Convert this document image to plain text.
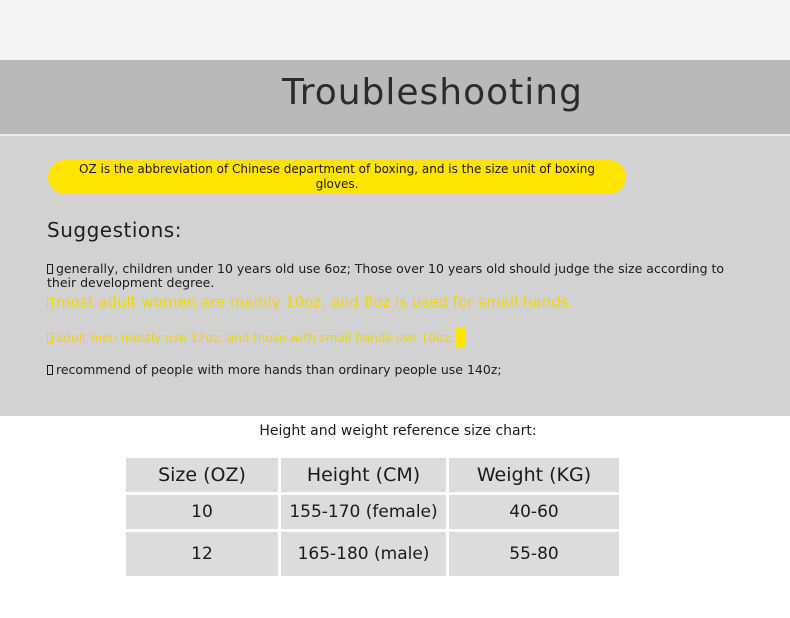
Troubleshooting
OZ is the abbreviation of Chinese department of boxing, and is the size unit of boxing gloves.
Suggestions:
generally, children under 10 years old use 6oz; Those over 10 years old should judge the size according to their development degree.
most adult women are mainly 10oz, and 8oz is used for small hands.
adult men mostly use 12oz, and those with small hands use 10oz;
recommend of people with more hands than ordinary people use 140z;

Height and weight reference size chart:

Size (OZ)	Height (CM)	Weight (KG)
10	155-170 (female)	40-60
12	165-180 (male)	55-80
